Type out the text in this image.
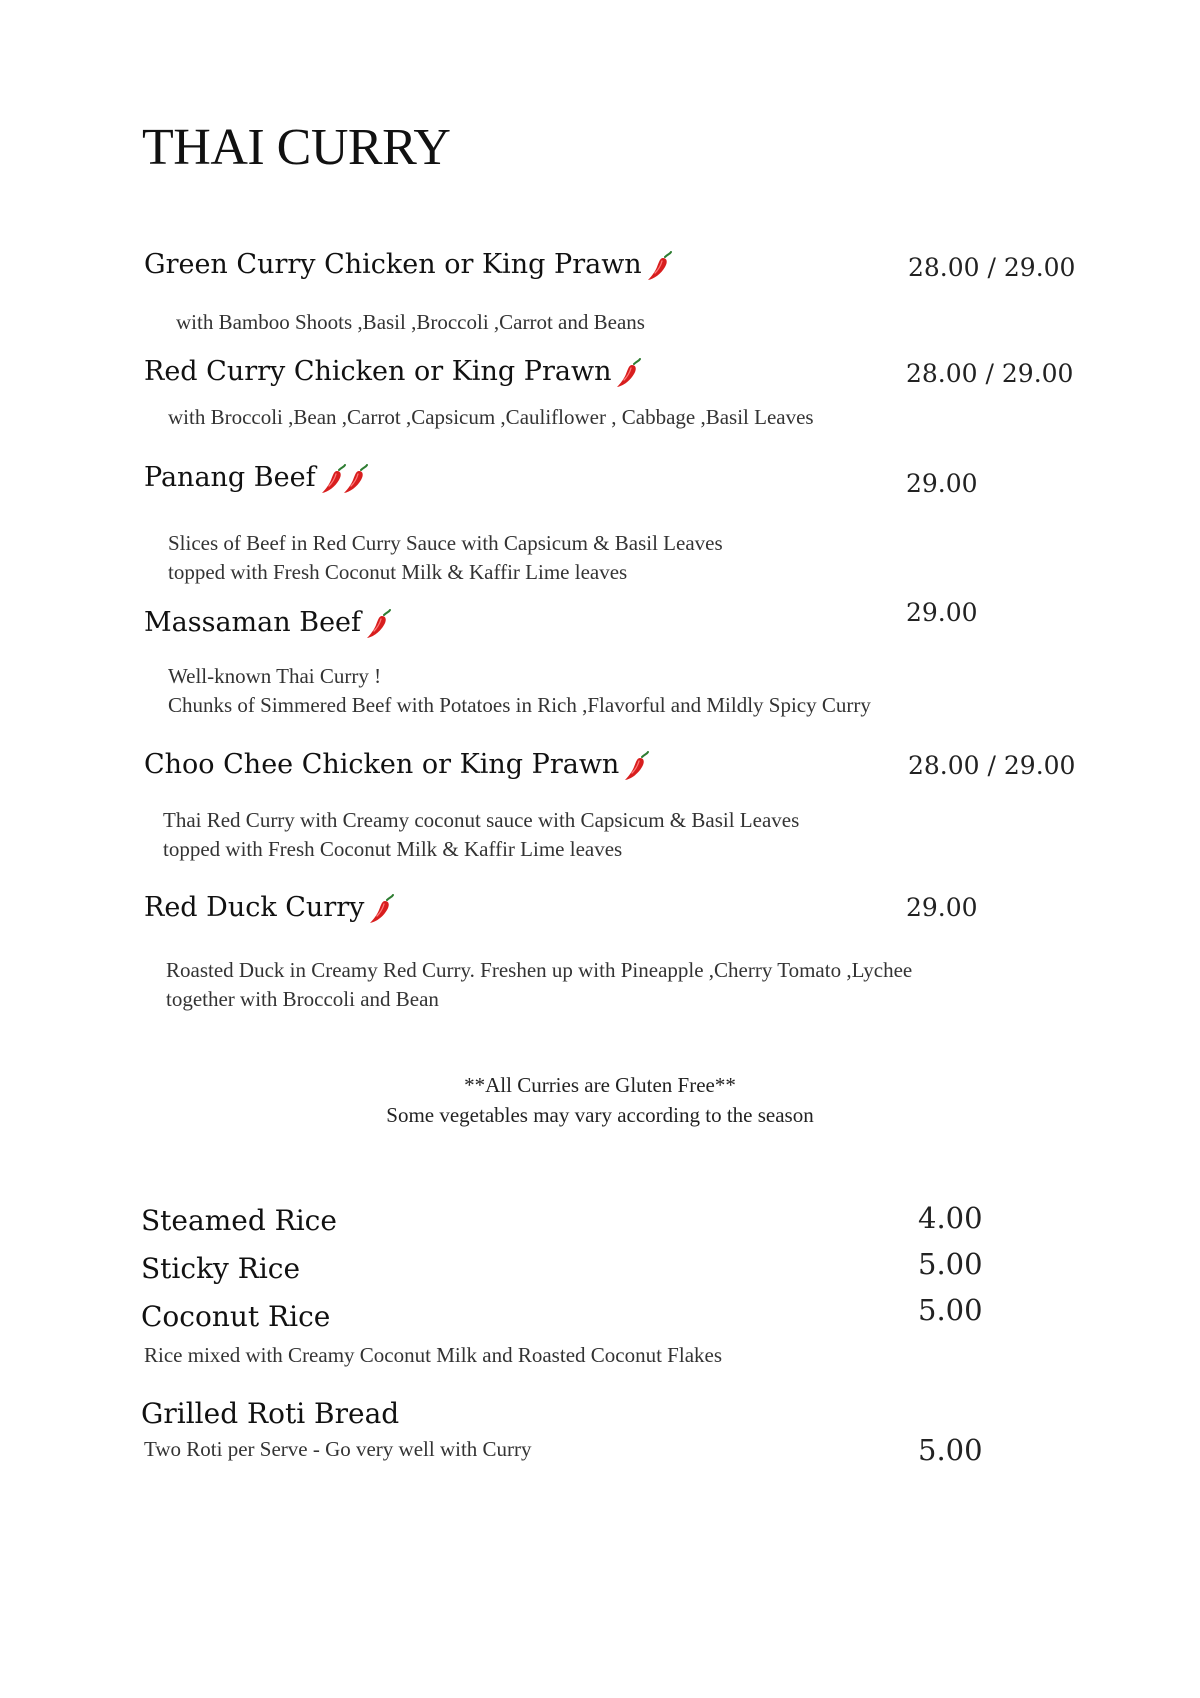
THAI CURRY
Green Curry Chicken or King Prawn	28.00 / 29.00
with Bamboo Shoots ,Basil ,Broccoli ,Carrot and Beans
Red Curry Chicken or King Prawn	28.00 / 29.00
with Broccoli ,Bean ,Carrot ,Capsicum ,Cauliflower , Cabbage ,Basil Leaves
Panang Beef	29.00
Slices of Beef in Red Curry Sauce with Capsicum & Basil Leaves
topped with Fresh Coconut Milk & Kaffir Lime leaves
Massaman Beef	29.00
Well-known Thai Curry !
Chunks of Simmered Beef with Potatoes in Rich ,Flavorful and Mildly Spicy Curry
Choo Chee Chicken or King Prawn	28.00 / 29.00
Thai Red Curry with Creamy coconut sauce with Capsicum & Basil Leaves
topped with Fresh Coconut Milk & Kaffir Lime leaves
Red Duck Curry	29.00
Roasted Duck in Creamy Red Curry. Freshen up with Pineapple ,Cherry Tomato ,Lychee
together with Broccoli and Bean
**All Curries are Gluten Free**
Some vegetables may vary according to the season
Steamed Rice	4.00
Sticky Rice	5.00
Coconut Rice	5.00
Rice mixed with Creamy Coconut Milk and Roasted Coconut Flakes
Grilled Roti Bread
Two Roti per Serve - Go very well with Curry	5.00
